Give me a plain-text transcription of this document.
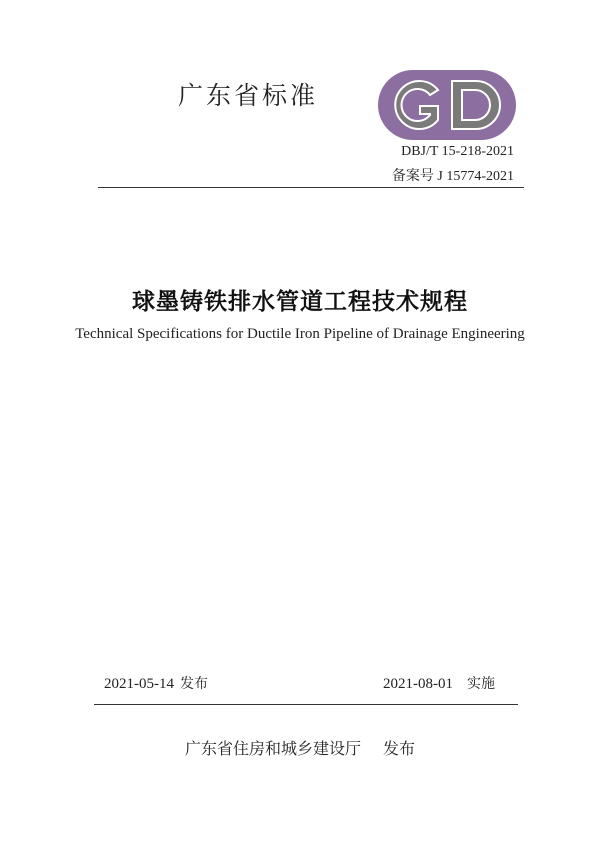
广东省标准
DBJ/T 15-218-2021
备案号 J 15774-2021
球墨铸铁排水管道工程技术规程
Technical Specifications for Ductile Iron Pipeline of Drainage Engineering
2021-05-14 发布	2021-08-01 实施
广东省住房和城乡建设厅 发布
